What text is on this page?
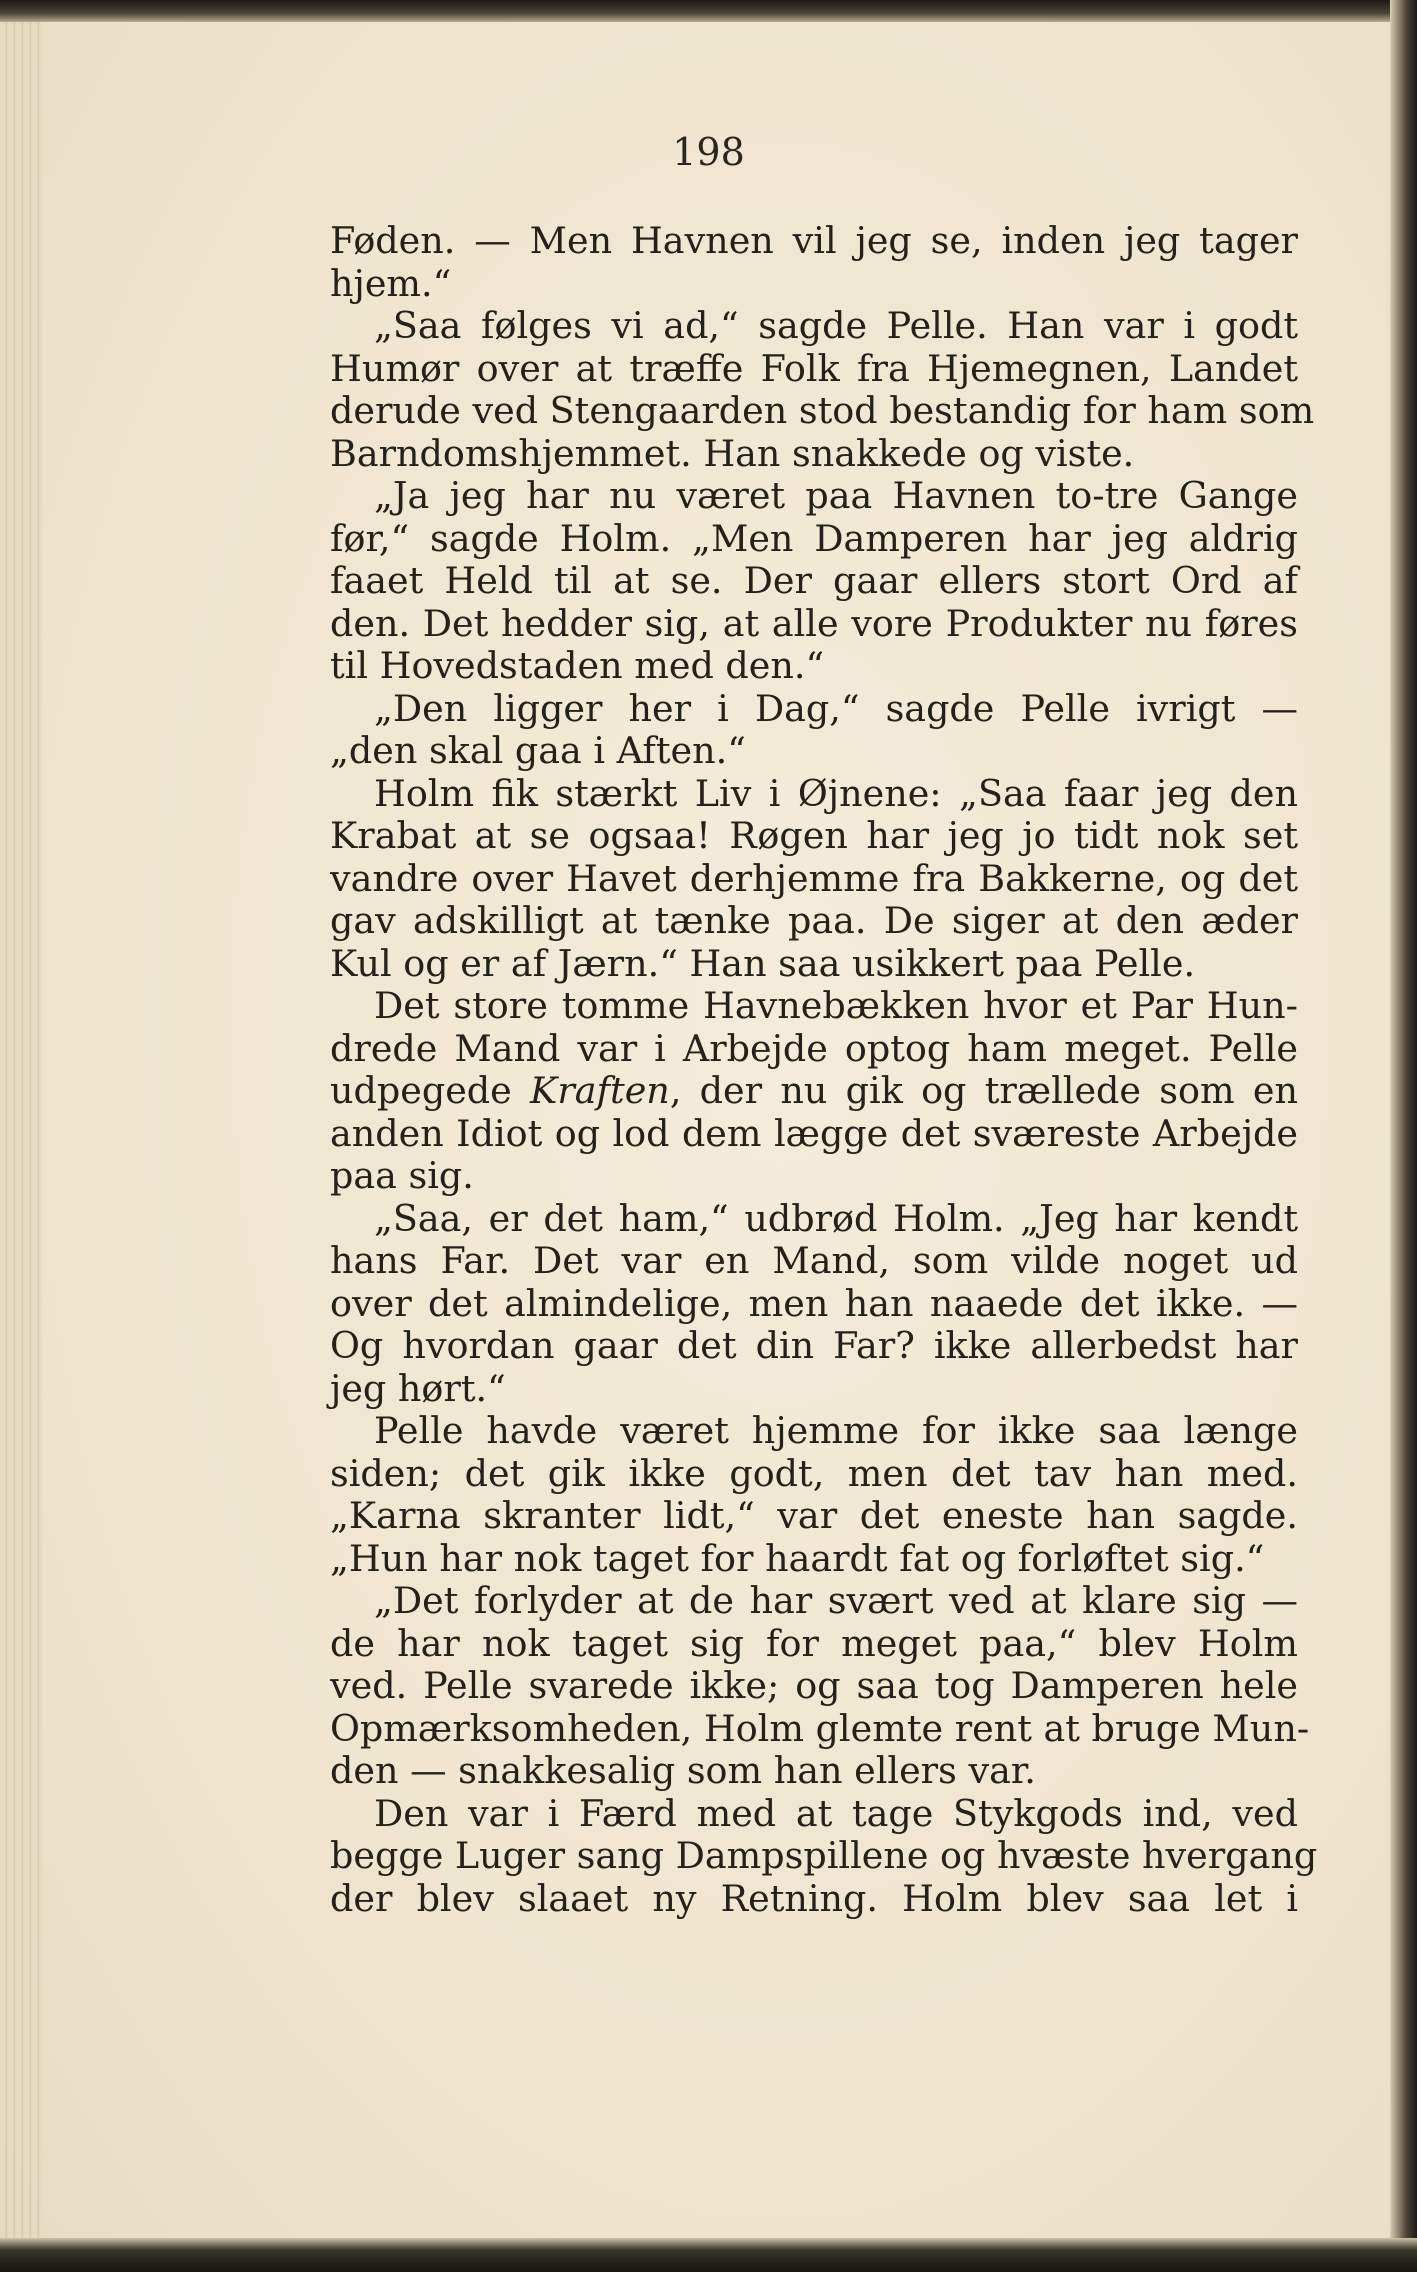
198
Føden. — Men Havnen vil jeg se, inden jeg tager
hjem.“
„Saa følges vi ad,“ sagde Pelle. Han var i godt
Humør over at træffe Folk fra Hjemegnen, Landet
derude ved Stengaarden stod bestandig for ham som
Barndomshjemmet. Han snakkede og viste.
„Ja jeg har nu været paa Havnen to-tre Gange
før,“ sagde Holm. „Men Damperen har jeg aldrig
faaet Held til at se. Der gaar ellers stort Ord af
den. Det hedder sig, at alle vore Produkter nu føres
til Hovedstaden med den.“
„Den ligger her i Dag,“ sagde Pelle ivrigt —
„den skal gaa i Aften.“
Holm fik stærkt Liv i Øjnene: „Saa faar jeg den
Krabat at se ogsaa! Røgen har jeg jo tidt nok set
vandre over Havet derhjemme fra Bakkerne, og det
gav adskilligt at tænke paa. De siger at den æder
Kul og er af Jærn.“ Han saa usikkert paa Pelle.
Det store tomme Havnebækken hvor et Par Hun-
drede Mand var i Arbejde optog ham meget. Pelle
udpegede Kraften, der nu gik og trællede som en
anden Idiot og lod dem lægge det sværeste Arbejde
paa sig.
„Saa, er det ham,“ udbrød Holm. „Jeg har kendt
hans Far. Det var en Mand, som vilde noget ud
over det almindelige, men han naaede det ikke. —
Og hvordan gaar det din Far? ikke allerbedst har
jeg hørt.“
Pelle havde været hjemme for ikke saa længe
siden; det gik ikke godt, men det tav han med.
„Karna skranter lidt,“ var det eneste han sagde.
„Hun har nok taget for haardt fat og forløftet sig.“
„Det forlyder at de har svært ved at klare sig —
de har nok taget sig for meget paa,“ blev Holm
ved. Pelle svarede ikke; og saa tog Damperen hele
Opmærksomheden, Holm glemte rent at bruge Mun-
den — snakkesalig som han ellers var.
Den var i Færd med at tage Stykgods ind, ved
begge Luger sang Dampspillene og hvæste hvergang
der blev slaaet ny Retning. Holm blev saa let i
